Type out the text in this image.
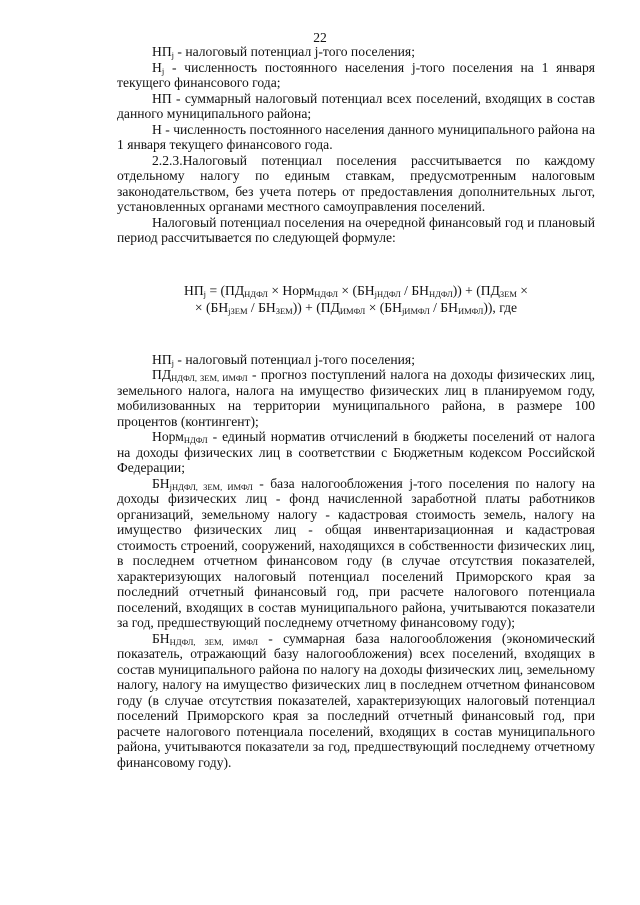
22

$НП_j$ - налоговый потенциал j-того поселения;

$Н_j$ - численность постоянного населения j-того поселения на 1 января текущего финансового года;

НП - суммарный налоговый потенциал всех поселений, входящих в состав данного муниципального района;

Н - численность постоянного населения данного муниципального района на 1 января текущего финансового года.

2.2.3.Налоговый потенциал поселения рассчитывается по каждому отдельному налогу по единым ставкам, предусмотренным налоговым законодательством, без учета потерь от предоставления дополнительных льгот, установленных органами местного самоуправления поселений.

Налоговый потенциал поселения на очередной финансовый год и плановый период рассчитывается по следующей формуле:

$НП_j = (ПД_{НДФЛ}$ × Норм$_{НДФЛ}$ × $(БН_{jНДФЛ} / БН_{НДФЛ})) + (ПД_{ЗЕМ}$ ×
× $(БН_{jЗЕМ} / БН_{ЗЕМ})) + (ПД_{ИМФЛ} \times (БН_{jИМФЛ} / БН_{ИМФЛ}))$, где

$НП_j$ - налоговый потенциал j-того поселения;

$ПД_{НДФЛ, ЗЕМ, ИМФЛ}$ - прогноз поступлений налога на доходы физических лиц, земельного налога, налога на имущество физических лиц в планируемом году, мобилизованных на территории муниципального района, в размере 100 процентов (контингент);

Норм$_{НДФЛ}$ - единый норматив отчислений в бюджеты поселений от налога на доходы физических лиц в соответствии с Бюджетным кодексом Российской Федерации;

$БН_{jНДФЛ, ЗЕМ, ИМФЛ}$ - база налогообложения j-того поселения по налогу на доходы физических лиц - фонд начисленной заработной платы работников организаций, земельному налогу - кадастровая стоимость земель, налогу на имущество физических лиц - общая инвентаризационная и кадастровая стоимость строений, сооружений, находящихся в собственности физических лиц, в последнем отчетном финансовом году (в случае отсутствия показателей, характеризующих налоговый потенциал поселений Приморского края за последний отчетный финансовый год, при расчете налогового потенциала поселений, входящих в состав муниципального района, учитываются показатели за год, предшествующий последнему отчетному финансовому году);

$БН_{НДФЛ, ЗЕМ, ИМФЛ}$ - суммарная база налогообложения (экономический показатель, отражающий базу налогообложения) всех поселений, входящих в состав муниципального района по налогу на доходы физических лиц, земельному налогу, налогу на имущество физических лиц в последнем отчетном финансовом году (в случае отсутствия показателей, характеризующих налоговый потенциал поселений Приморского края за последний отчетный финансовый год, при расчете налогового потенциала поселений, входящих в состав муниципального района, учитываются показатели за год, предшествующий последнему отчетному финансовому году).
